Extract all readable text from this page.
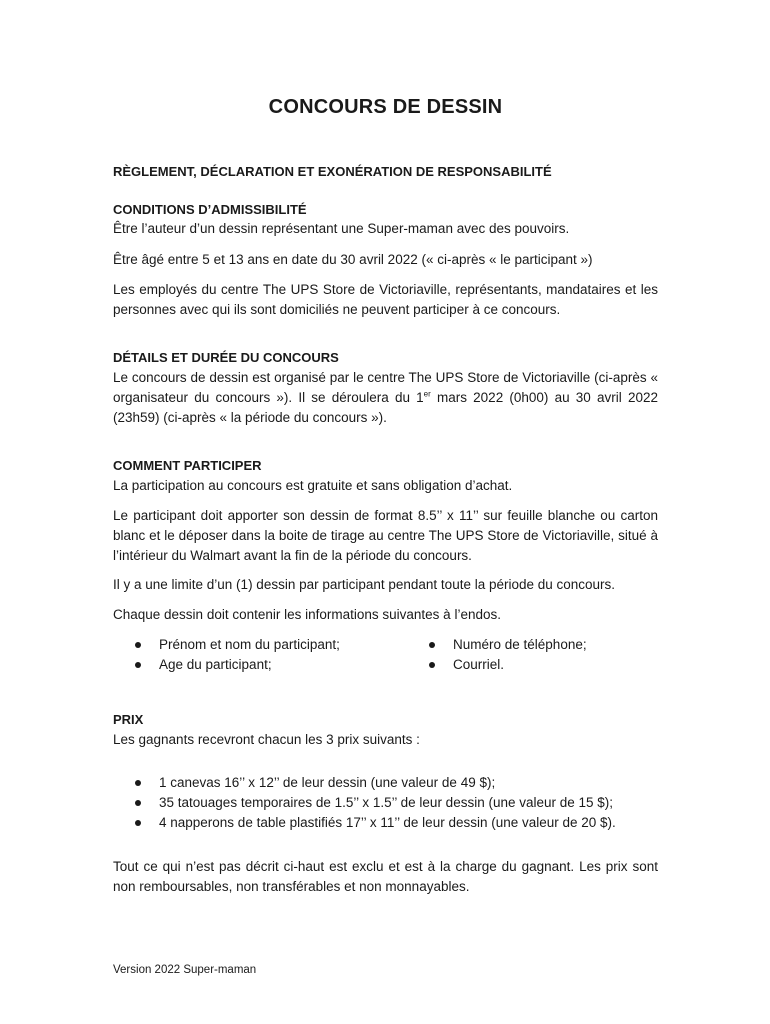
CONCOURS DE DESSIN

RÈGLEMENT, DÉCLARATION ET EXONÉRATION DE RESPONSABILITÉ

CONDITIONS D’ADMISSIBILITÉ

Être l’auteur d’un dessin représentant une Super-maman avec des pouvoirs.

Être âgé entre 5 et 13 ans en date du 30 avril 2022 (« ci-après « le participant »)

Les employés du centre The UPS Store de Victoriaville, représentants, mandataires et les personnes avec qui ils sont domiciliés ne peuvent participer à ce concours.

DÉTAILS ET DURÉE DU CONCOURS

Le concours de dessin est organisé par le centre The UPS Store de Victoriaville (ci-après « organisateur du concours »). Il se déroulera du 1er mars 2022 (0h00) au 30 avril 2022 (23h59) (ci-après « la période du concours »).

COMMENT PARTICIPER

La participation au concours est gratuite et sans obligation d’achat.

Le participant doit apporter son dessin de format 8.5’’ x 11’’ sur feuille blanche ou carton blanc et le déposer dans la boite de tirage au centre The UPS Store de Victoriaville, situé à l’intérieur du Walmart avant la fin de la période du concours.

Il y a une limite d’un (1) dessin par participant pendant toute la période du concours.

Chaque dessin doit contenir les informations suivantes à l’endos.

Prénom et nom du participant;
Age du participant;
Numéro de téléphone;
Courriel.

PRIX

Les gagnants recevront chacun les 3 prix suivants :

1 canevas 16’’ x 12’’ de leur dessin (une valeur de 49 $);
35 tatouages temporaires de 1.5’’ x 1.5’’ de leur dessin (une valeur de 15 $);
4 napperons de table plastifiés 17’’ x 11’’ de leur dessin (une valeur de 20 $).

Tout ce qui n’est pas décrit ci-haut est exclu et est à la charge du gagnant. Les prix sont non remboursables, non transférables et non monnayables.

Version 2022 Super-maman
